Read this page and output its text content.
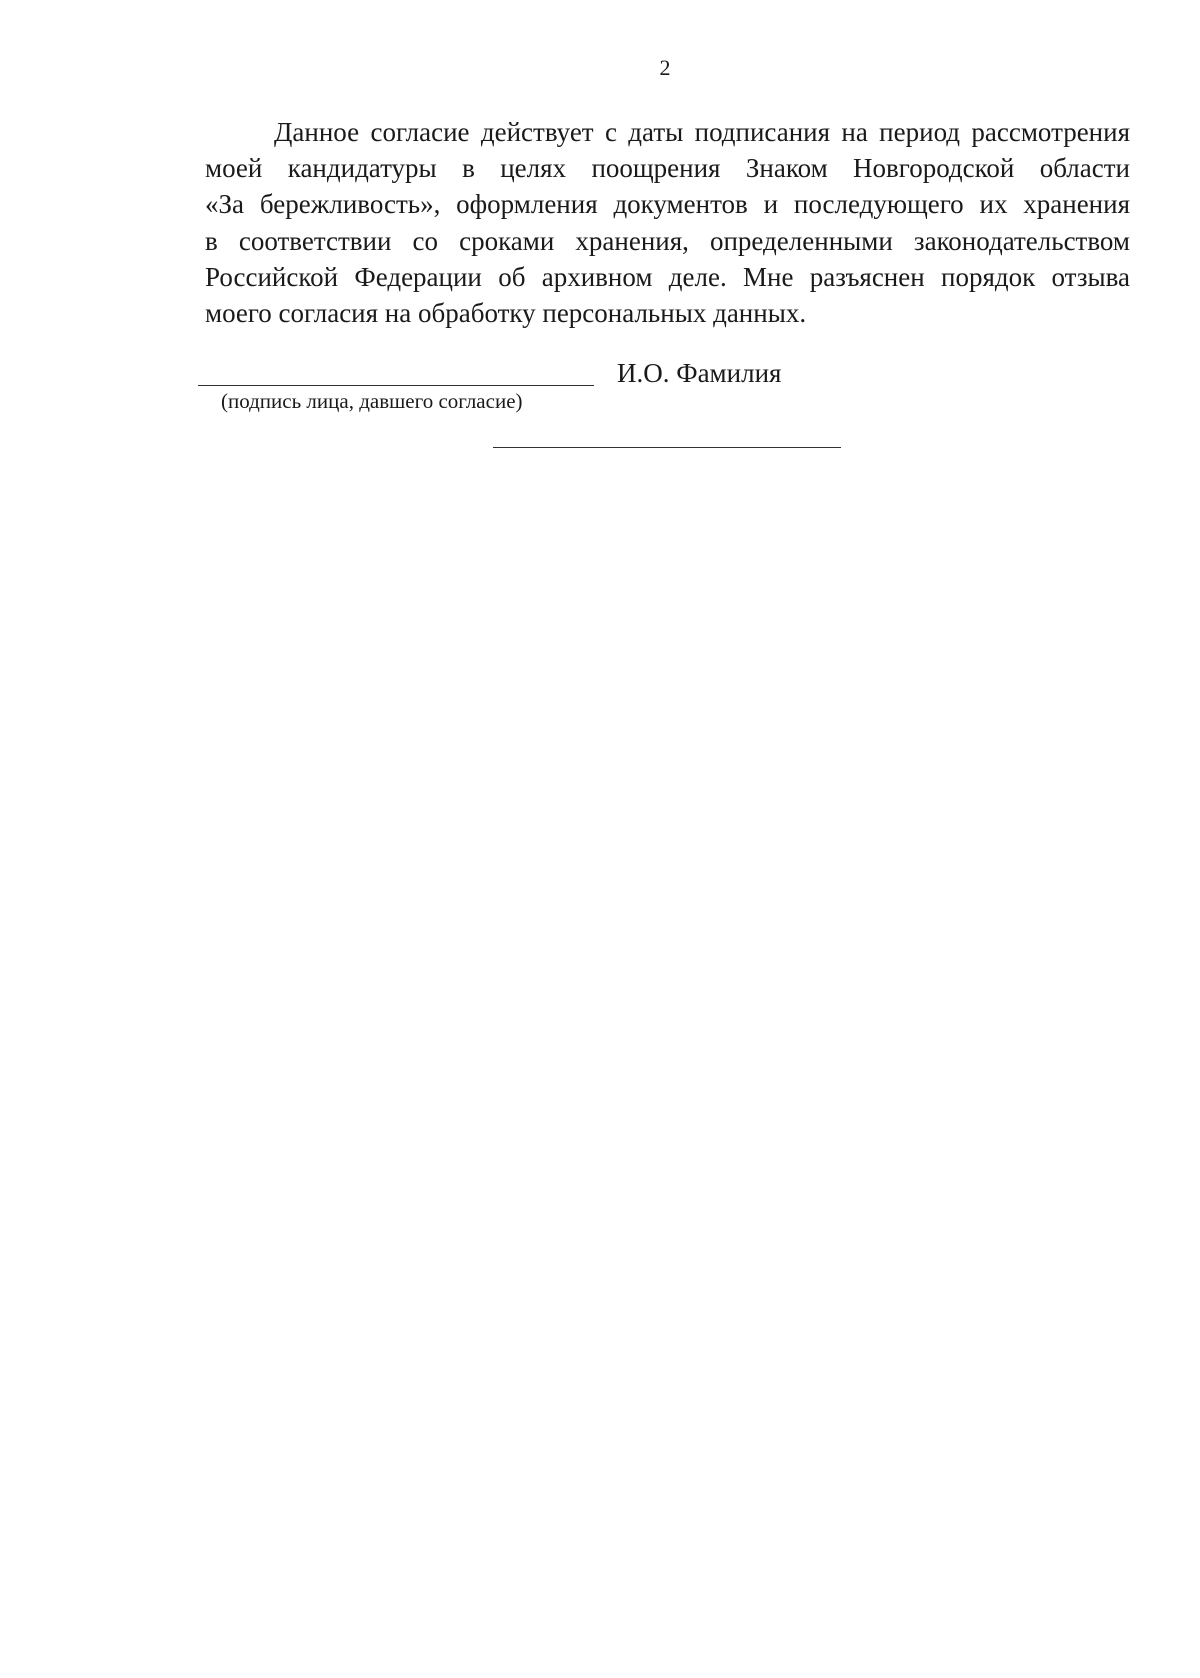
2
Данное согласие действует с даты подписания на период рассмотрения
моей кандидатуры в целях поощрения Знаком Новгородской области
«За бережливость», оформления документов и последующего их хранения
в соответствии со сроками хранения, определенными законодательством
Российской Федерации об архивном деле. Мне разъяснен порядок отзыва
моего согласия на обработку персональных данных.
И.О. Фамилия
(подпись лица, давшего согласие)
